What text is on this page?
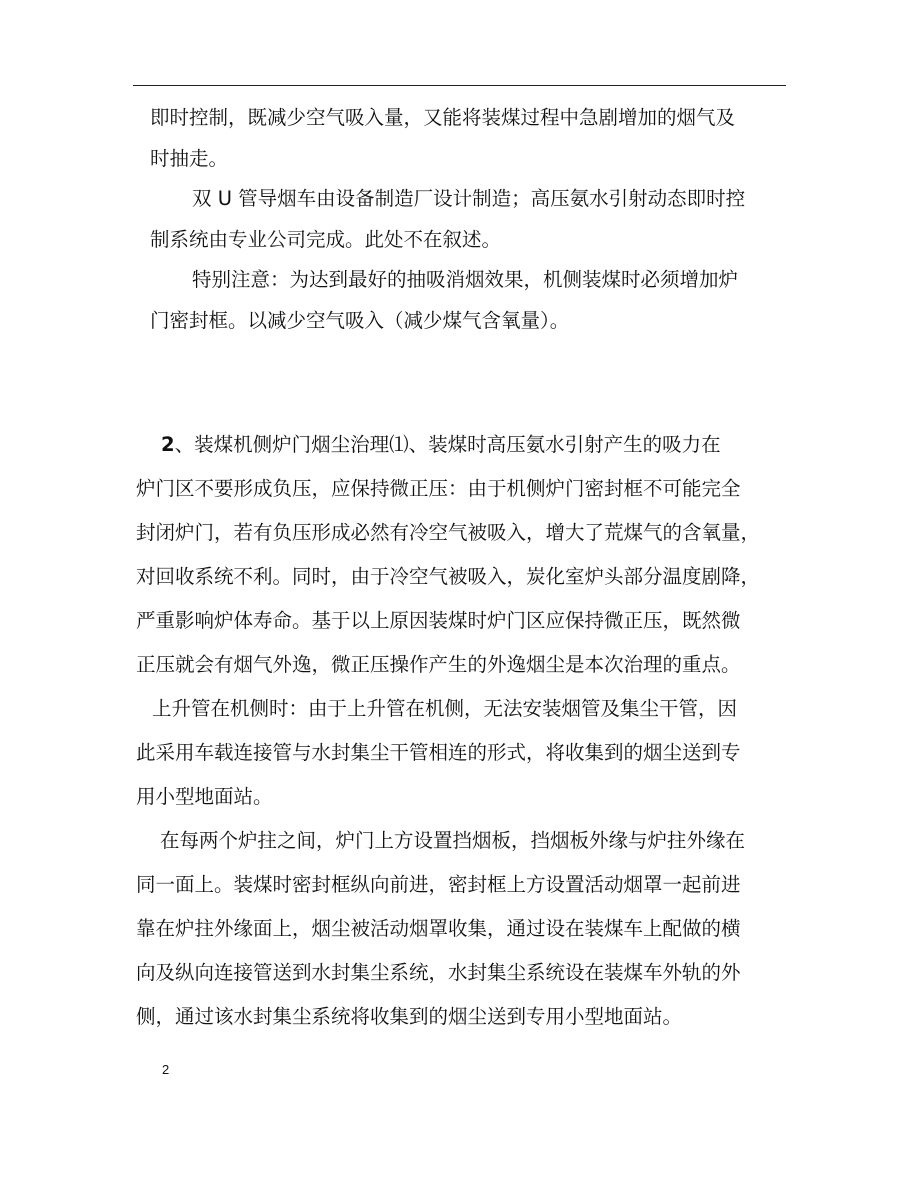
即时控制，既减少空气吸入量，又能将装煤过程中急剧增加的烟气及
时抽走。
双 U 管导烟车由设备制造厂设计制造；高压氨水引射动态即时控
制系统由专业公司完成。此处不在叙述。
特别注意：为达到最好的抽吸消烟效果，机侧装煤时必须增加炉
门密封框。以减少空气吸入（减少煤气含氧量）。
2、装煤机侧炉门烟尘治理⑴、装煤时高压氨水引射产生的吸力在
炉门区不要形成负压，应保持微正压：由于机侧炉门密封框不可能完全
封闭炉门，若有负压形成必然有冷空气被吸入，增大了荒煤气的含氧量，
对回收系统不利。同时，由于冷空气被吸入，炭化室炉头部分温度剧降，
严重影响炉体寿命。基于以上原因装煤时炉门区应保持微正压，既然微
正压就会有烟气外逸，微正压操作产生的外逸烟尘是本次治理的重点。
上升管在机侧时：由于上升管在机侧，无法安装烟管及集尘干管，因
此采用车载连接管与水封集尘干管相连的形式，将收集到的烟尘送到专
用小型地面站。
在每两个炉拄之间，炉门上方设置挡烟板，挡烟板外缘与炉拄外缘在
同一面上。装煤时密封框纵向前进，密封框上方设置活动烟罩一起前进
靠在炉拄外缘面上，烟尘被活动烟罩收集，通过设在装煤车上配做的横
向及纵向连接管送到水封集尘系统，水封集尘系统设在装煤车外轨的外
侧，通过该水封集尘系统将收集到的烟尘送到专用小型地面站。
2
